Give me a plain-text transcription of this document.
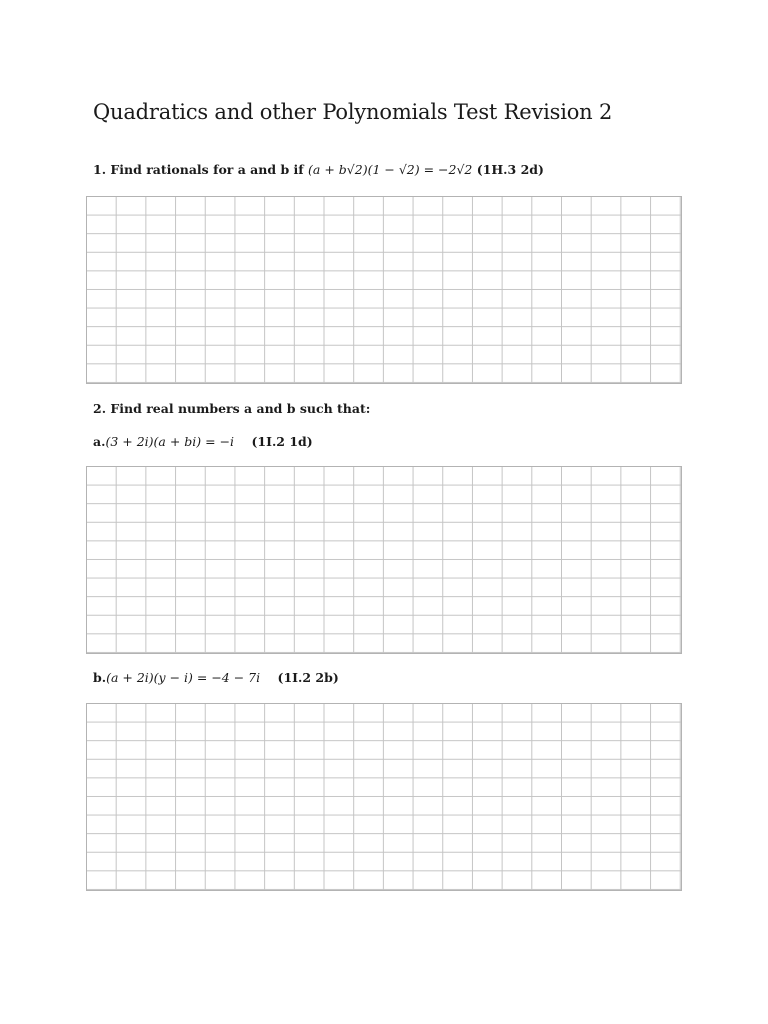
Quadratics and other Polynomials Test Revision 2

1. Find rationals for a and b if (a + b√2)(1 − √2) = −2√2 (1H.3 2d)

2. Find real numbers a and b such that:

a.(3 + 2i)(a + bi) = −i (1I.2 1d)

b.(a + 2i)(y − i) = −4 − 7i (1I.2 2b)
